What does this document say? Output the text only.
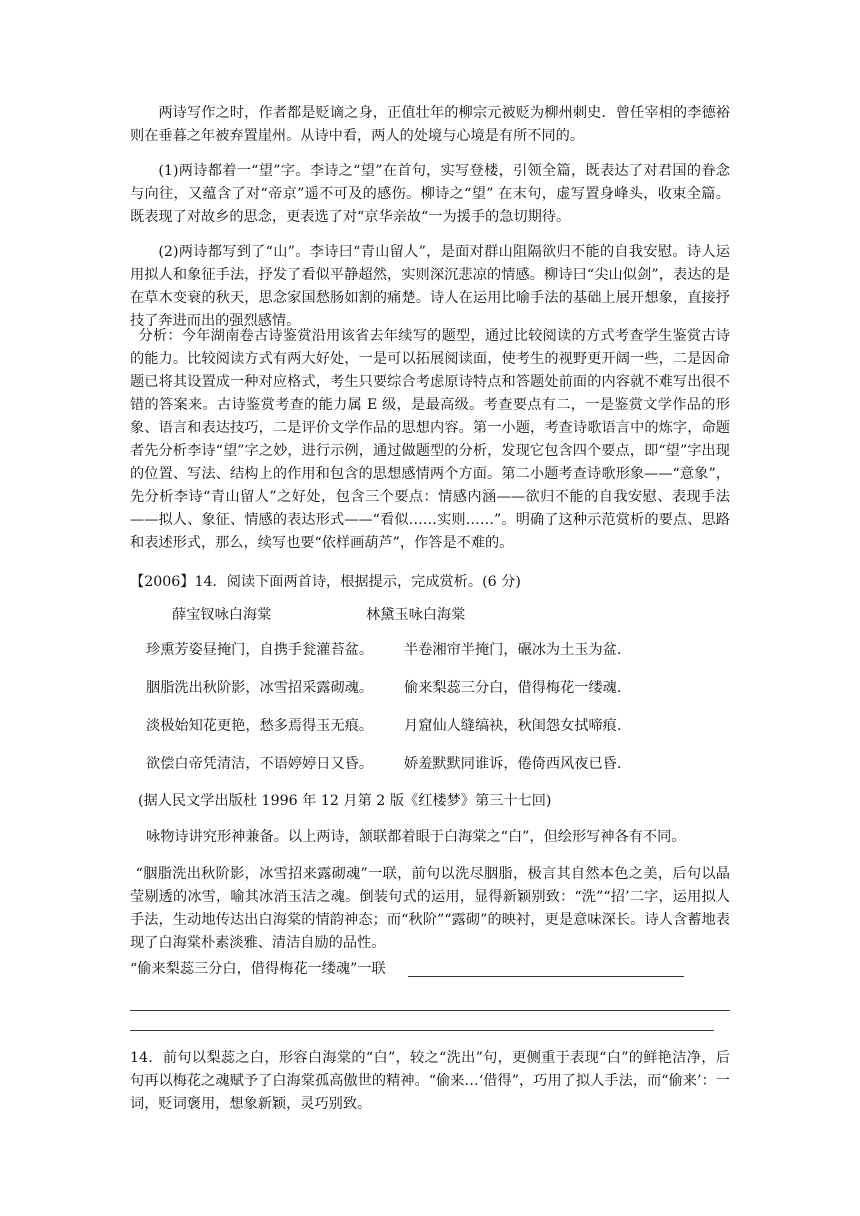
两诗写作之时，作者都是贬谪之身，正值壮年的柳宗元被贬为柳州刺史．曾任宰相的李德裕则在垂暮之年被弃置崖州。从诗中看，两人的处境与心境是有所不同的。

(1)两诗都着一“望”字。李诗之“望”在首句，实写登楼，引领全篇，既表达了对君国的眷念与向往，又蕴含了对“帝京”遥不可及的感伤。柳诗之“望” 在末句，虚写置身峰头，收束全篇。既表现了对故乡的思念，更表选了对“京华亲故“一为援手的急切期待。

(2)两诗都写到了“山”。李诗曰“青山留人”，是面对群山阻隔欲归不能的自我安慰。诗人运用拟人和象征手法，抒发了看似平静超然，实则深沉悲凉的情感。柳诗曰“尖山似剑”，表达的是在草木变衰的秋天，思念家国愁肠如割的痛楚。诗人在运用比喻手法的基础上展开想象，直接抒技了奔进而出的强烈感情。

分析：今年湖南卷古诗鉴赏沿用该省去年续写的题型，通过比较阅读的方式考查学生鉴赏古诗的能力。比较阅读方式有两大好处，一是可以拓展阅读面，使考生的视野更开阔一些，二是因命题已将其设置成一种对应格式，考生只要综合考虑原诗特点和答题处前面的内容就不难写出很不错的答案来。古诗鉴赏考查的能力属 E 级，是最高级。考查要点有二，一是鉴赏文学作品的形象、语言和表达技巧，二是评价文学作品的思想内容。第一小题，考查诗歌语言中的炼字，命题者先分析李诗“望”字之妙，进行示例，通过做题型的分析，发现它包含四个要点，即“望”字出现的位置、写法、结构上的作用和包含的思想感情两个方面。第二小题考查诗歌形象——“意象”，先分析李诗“青山留人”之好处，包含三个要点：情感内涵——欲归不能的自我安慰、表现手法——拟人、象征、情感的表达形式——“看似……实则……”。明确了这种示范赏析的要点、思路和表述形式，那么，续写也要“依样画葫芦”，作答是不难的。

【2006】14．阅读下面两首诗，根据提示，完成赏析。(6 分)
薛宝钗咏白海棠	林黛玉咏白海棠
珍熏芳姿昼掩门，自携手瓮灌苔盆。 半卷湘帘半掩门，碾冰为土玉为盆.
胭脂洗出秋阶影，冰雪招采露砌魂。 偷来梨蕊三分白，借得梅花一缕魂.
淡极始知花更艳，愁多焉得玉无痕。 月窟仙人缝缟袂，秋闺怨女拭啼痕.
欲偿白帝凭清洁，不语婷婷日又昏。 娇羞默默同谁诉，倦倚西风夜已昏.
(据人民文学出版杜 1996 年 12 月第 2 版《红楼梦》第三十七回)
咏物诗讲究形神兼备。以上两诗，颔联都着眼于白海棠之“白”，但绘形写神各有不同。

“胭脂洗出秋阶影，冰雪招来露砌魂”一联，前句以洗尽胭脂，极言其自然本色之美，后句以晶莹剔透的冰雪，喻其冰消玉洁之魂。倒装句式的运用，显得新颖别致：“洗”“招’二字，运用拟人手法，生动地传达出白海棠的情韵神态；而“秋阶”“露砌”的映衬，更是意味深长。诗人含蓄地表现了白海棠朴素淡雅、清洁自励的品性。

“偷来梨蕊三分白，借得梅花一缕魂”一联

14．前句以梨蕊之白，形容白海棠的“白”，较之“洗出”句，更侧重于表现“白”的鲜艳洁净，后句再以梅花之魂赋予了白海棠孤高傲世的精神。“偷来…‘借得”，巧用了拟人手法，而“偷来’：一词，贬词褒用，想象新颖，灵巧别致。
